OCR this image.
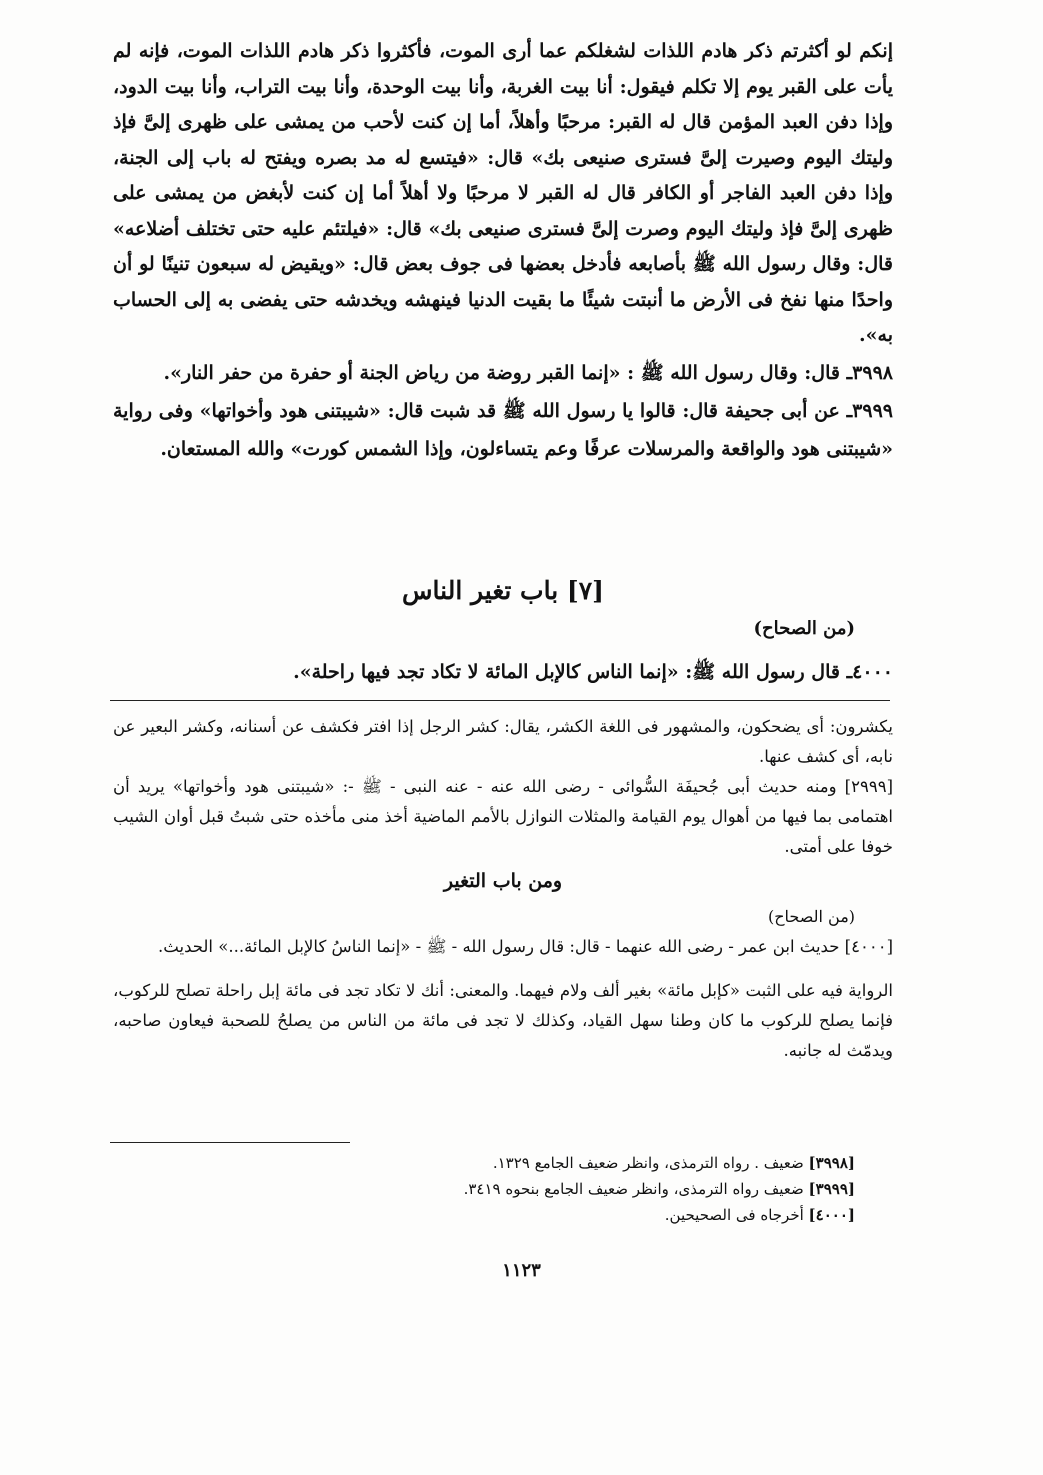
إنكم لو أكثرتم ذكر هادم اللذات لشغلكم عما أرى الموت، فأكثروا ذكر هادم اللذات الموت، فإنه لم يأت على القبر يوم إلا تكلم فيقول: أنا بيت الغربة، وأنا بيت الوحدة، وأنا بيت التراب، وأنا بيت الدود، وإذا دفن العبد المؤمن قال له القبر: مرحبًا وأهلاً، أما إن كنت لأحب من يمشى على ظهرى إلىَّ فإذ وليتك اليوم وصيرت إلىَّ فسترى صنيعى بك» قال: «فيتسع له مد بصره ويفتح له باب إلى الجنة، وإذا دفن العبد الفاجر أو الكافر قال له القبر لا مرحبًا ولا أهلاً أما إن كنت لأبغض من يمشى على ظهرى إلىَّ فإذ وليتك اليوم وصرت إلىَّ فسترى صنيعى بك» قال: «فيلتئم عليه حتى تختلف أضلاعه» قال: وقال رسول الله ﷺ بأصابعه فأدخل بعضها فى جوف بعض قال: «ويقيض له سبعون تنينًا لو أن واحدًا منها نفخ فى الأرض ما أنبتت شيئًا ما بقيت الدنيا فينهشه ويخدشه حتى يفضى به إلى الحساب به».

٣٩٩٨ـ قال: وقال رسول الله ﷺ : «إنما القبر روضة من رياض الجنة أو حفرة من حفر النار».

٣٩٩٩ـ عن أبى جحيفة قال: قالوا يا رسول الله ﷺ قد شبت قال: «شيبتنى هود وأخواتها» وفى رواية «شيبتنى هود والواقعة والمرسلات عرفًا وعم يتساءلون، وإذا الشمس كورت» والله المستعان.

[٧] باب تغير الناس
(من الصحاح)
٤٠٠٠ـ قال رسول الله ﷺ: «إنما الناس كالإبل المائة لا تكاد تجد فيها راحلة».

يكشرون: أى يضحكون، والمشهور فى اللغة الكشر، يقال: كشر الرجل إذا افتر فكشف عن أسنانه، وكشر البعير عن نابه، أى كشف عنها.

[٢٩٩٩] ومنه حديث أبى جُحيفَة السُّوائى - رضى الله عنه - عنه النبى - ﷺ -: «شيبتنى هود وأخواتها» يريد أن اهتمامى بما فيها من أهوال يوم القيامة والمثلات النوازل بالأمم الماضية أخذ منى مأخذه حتى شبتُ قبل أوان الشيب خوفا على أمتى.

ومن باب التغير
(من الصحاح)

[٤٠٠٠] حديث ابن عمر - رضى الله عنهما - قال: قال رسول الله - ﷺ - «إنما الناسُ كالإبل المائة...» الحديث.

الرواية فيه على الثبت «كإبل مائة» بغير ألف ولام فيهما. والمعنى: أنك لا تكاد تجد فى مائة إبل راحلة تصلح للركوب، فإنما يصلح للركوب ما كان وطنا سهل القياد، وكذلك لا تجد فى مائة من الناس من يصلحُ للصحبة فيعاون صاحبه، ويدمّث له جانبه.

[٣٩٩٨] ضعيف . رواه الترمذى، وانظر ضعيف الجامع ١٣٢٩.

[٣٩٩٩] ضعيف رواه الترمذى، وانظر ضعيف الجامع بنحوه ٣٤١٩.

[٤٠٠٠] أخرجاه فى الصحيحين.

١١٢٣
